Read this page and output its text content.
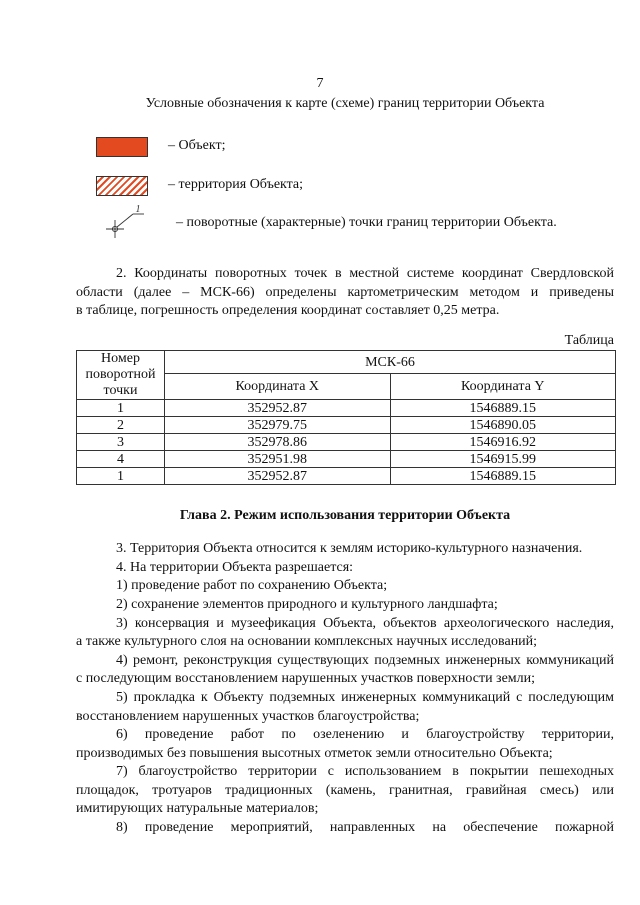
7
Условные обозначения к карте (схеме) границ территории Объекта
– Объект;
– территория Объекта;
1
– поворотные (характерные) точки границ территории Объекта.
2. Координаты поворотных точек в местной системе координат Свердловской
области (далее – МСК-66) определены картометрическим методом и приведены
в таблице, погрешность определения координат составляет 0,25 метра.
Таблица
Номер поворотной точки	МСК-66	
	Координата X	Координата Y
1	352952.87	1546889.15
2	352979.75	1546890.05
3	352978.86	1546916.92
4	352951.98	1546915.99
1	352952.87	1546889.15
Глава 2. Режим использования территории Объекта
3. Территория Объекта относится к землям историко-культурного назначения.
4. На территории Объекта разрешается:
1) проведение работ по сохранению Объекта;
2) сохранение элементов природного и культурного ландшафта;
3) консервация и музеефикация Объекта, объектов археологического наследия,
а также культурного слоя на основании комплексных научных исследований;
4) ремонт, реконструкция существующих подземных инженерных коммуникаций
с последующим восстановлением нарушенных участков поверхности земли;
5) прокладка к Объекту подземных инженерных коммуникаций с последующим
восстановлением нарушенных участков благоустройства;
6) проведение работ по озеленению и благоустройству территории,
производимых без повышения высотных отметок земли относительно Объекта;
7) благоустройство территории с использованием в покрытии пешеходных
площадок, тротуаров традиционных (камень, гранитная, гравийная смесь) или
имитирующих натуральные материалов;
8) проведение мероприятий, направленных на обеспечение пожарной
